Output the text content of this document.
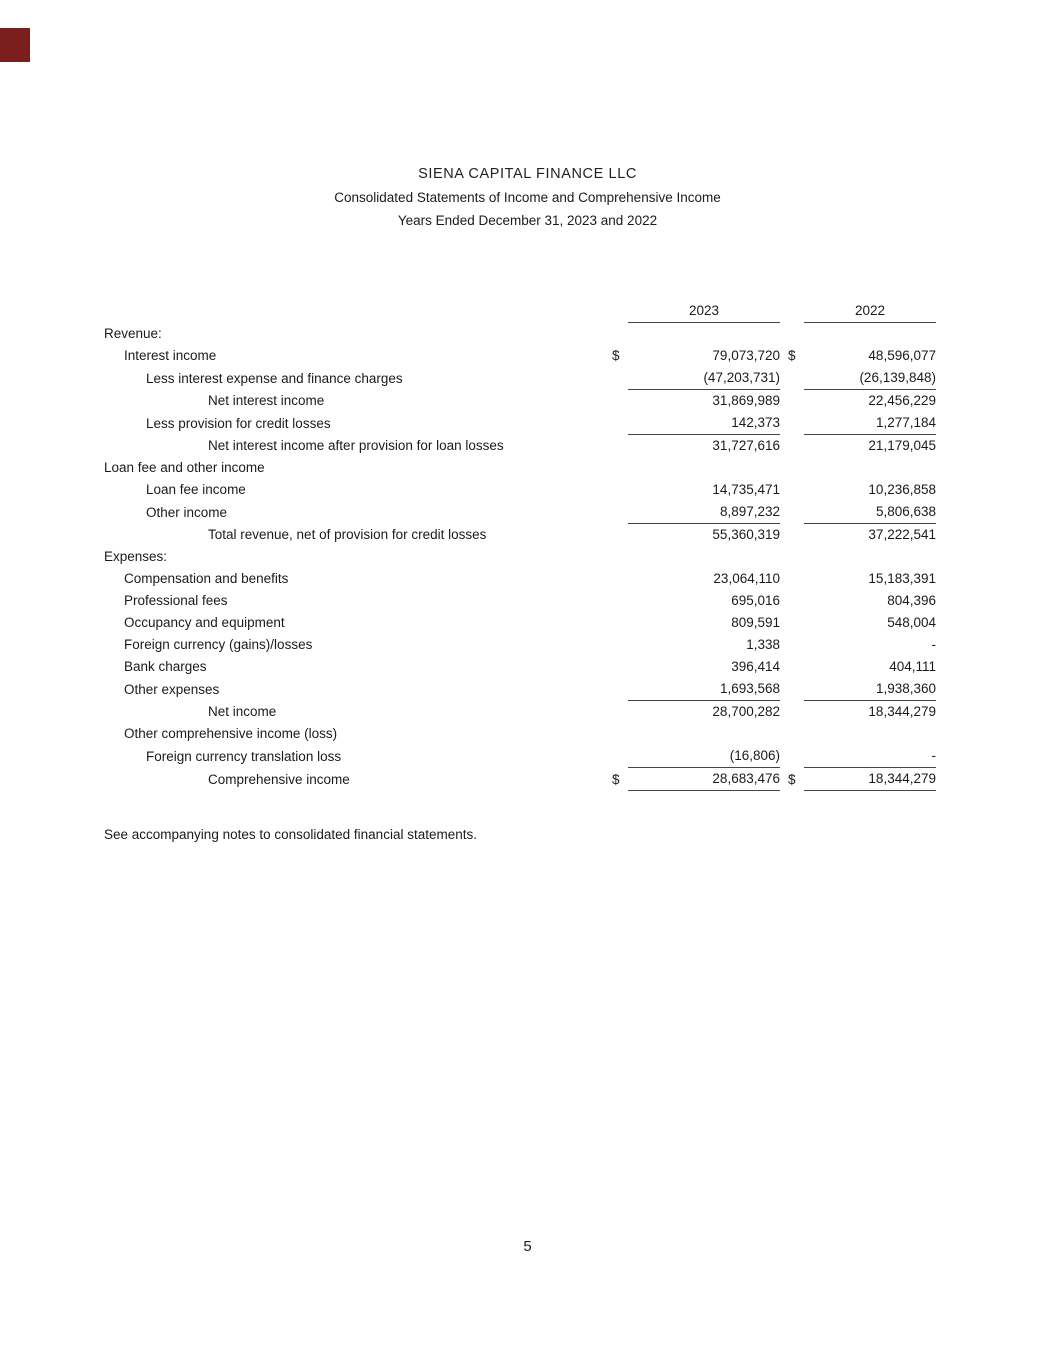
SIENA CAPITAL FINANCE LLC
Consolidated Statements of Income and Comprehensive Income
Years Ended December 31, 2023 and 2022
2023	2022
Revenue:
Interest income	$	79,073,720 $	48,596,077
Less interest expense and finance charges	(47,203,731)	(26,139,848)
Net interest income	31,869,989	22,456,229
Less provision for credit losses	142,373	1,277,184
Net interest income after provision for loan losses	31,727,616	21,179,045
Loan fee and other income
Loan fee income	14,735,471	10,236,858
Other income	8,897,232	5,806,638
Total revenue, net of provision for credit losses	55,360,319	37,222,541
Expenses:
Compensation and benefits	23,064,110	15,183,391
Professional fees	695,016	804,396
Occupancy and equipment	809,591	548,004
Foreign currency (gains)/losses	1,338	-
Bank charges	396,414	404,111
Other expenses	1,693,568	1,938,360
Net income	28,700,282	18,344,279
Other comprehensive income (loss)
Foreign currency translation loss	(16,806)	-
Comprehensive income	$	28,683,476 $	18,344,279
See accompanying notes to consolidated financial statements.
5
